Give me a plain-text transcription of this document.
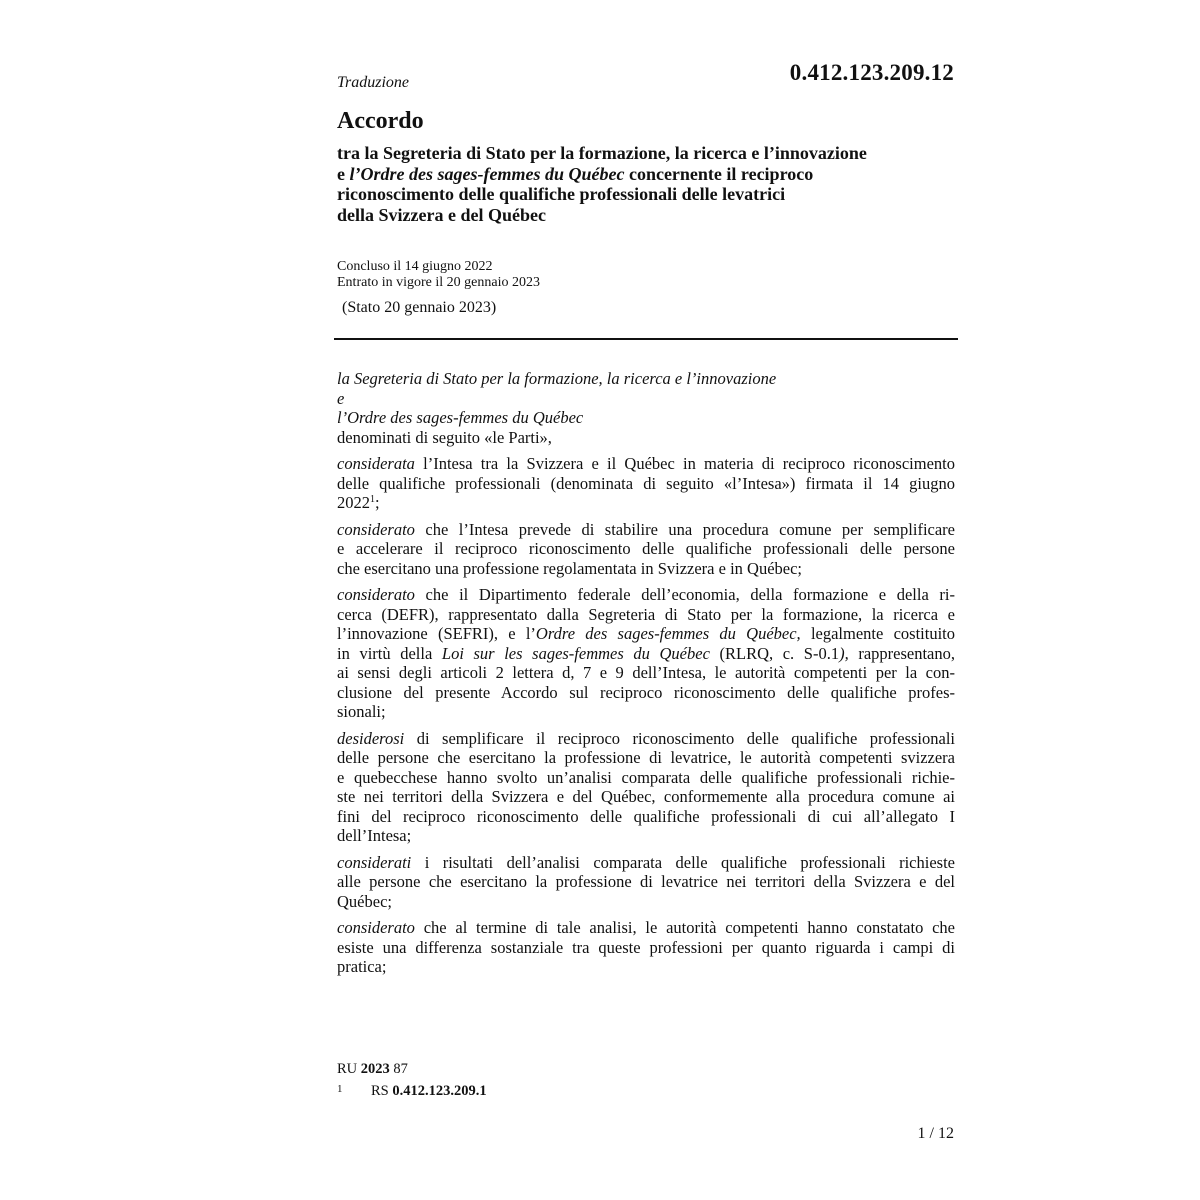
Traduzione	0.412.123.209.12
Accordo
tra la Segreteria di Stato per la formazione, la ricerca e l’innovazione
e l’Ordre des sages-femmes du Québec concernente il reciproco
riconoscimento delle qualifiche professionali delle levatrici
della Svizzera e del Québec
Concluso il 14 giugno 2022
Entrato in vigore il 20 gennaio 2023
(Stato 20 gennaio 2023)
la Segreteria di Stato per la formazione, la ricerca e l’innovazione
e
l’Ordre des sages-femmes du Québec
denominati di seguito «le Parti»,
considerata l’Intesa tra la Svizzera e il Québec in materia di reciproco riconoscimento
delle qualifiche professionali (denominata di seguito «l’Intesa») firmata il 14 giugno
2022$^1$;
considerato che l’Intesa prevede di stabilire una procedura comune per semplificare
e accelerare il reciproco riconoscimento delle qualifiche professionali delle persone
che esercitano una professione regolamentata in Svizzera e in Québec;
considerato che il Dipartimento federale dell’economia, della formazione e della ri-
cerca (DEFR), rappresentato dalla Segreteria di Stato per la formazione, la ricerca e
l’innovazione (SEFRI), e l’Ordre des sages-femmes du Québec, legalmente costituito
in virtù della Loi sur les sages-femmes du Québec (RLRQ, c. S-0.1), rappresentano,
ai sensi degli articoli 2 lettera d, 7 e 9 dell’Intesa, le autorità competenti per la con-
clusione del presente Accordo sul reciproco riconoscimento delle qualifiche profes-
sionali;
desiderosi di semplificare il reciproco riconoscimento delle qualifiche professionali
delle persone che esercitano la professione di levatrice, le autorità competenti svizzera
e quebecchese hanno svolto un’analisi comparata delle qualifiche professionali richie-
ste nei territori della Svizzera e del Québec, conformemente alla procedura comune ai
fini del reciproco riconoscimento delle qualifiche professionali di cui all’allegato I
dell’Intesa;
considerati i risultati dell’analisi comparata delle qualifiche professionali richieste
alle persone che esercitano la professione di levatrice nei territori della Svizzera e del
Québec;
considerato che al termine di tale analisi, le autorità competenti hanno constatato che
esiste una differenza sostanziale tra queste professioni per quanto riguarda i campi di
pratica;
RU 2023 87
1 RS 0.412.123.209.1
1 / 12
